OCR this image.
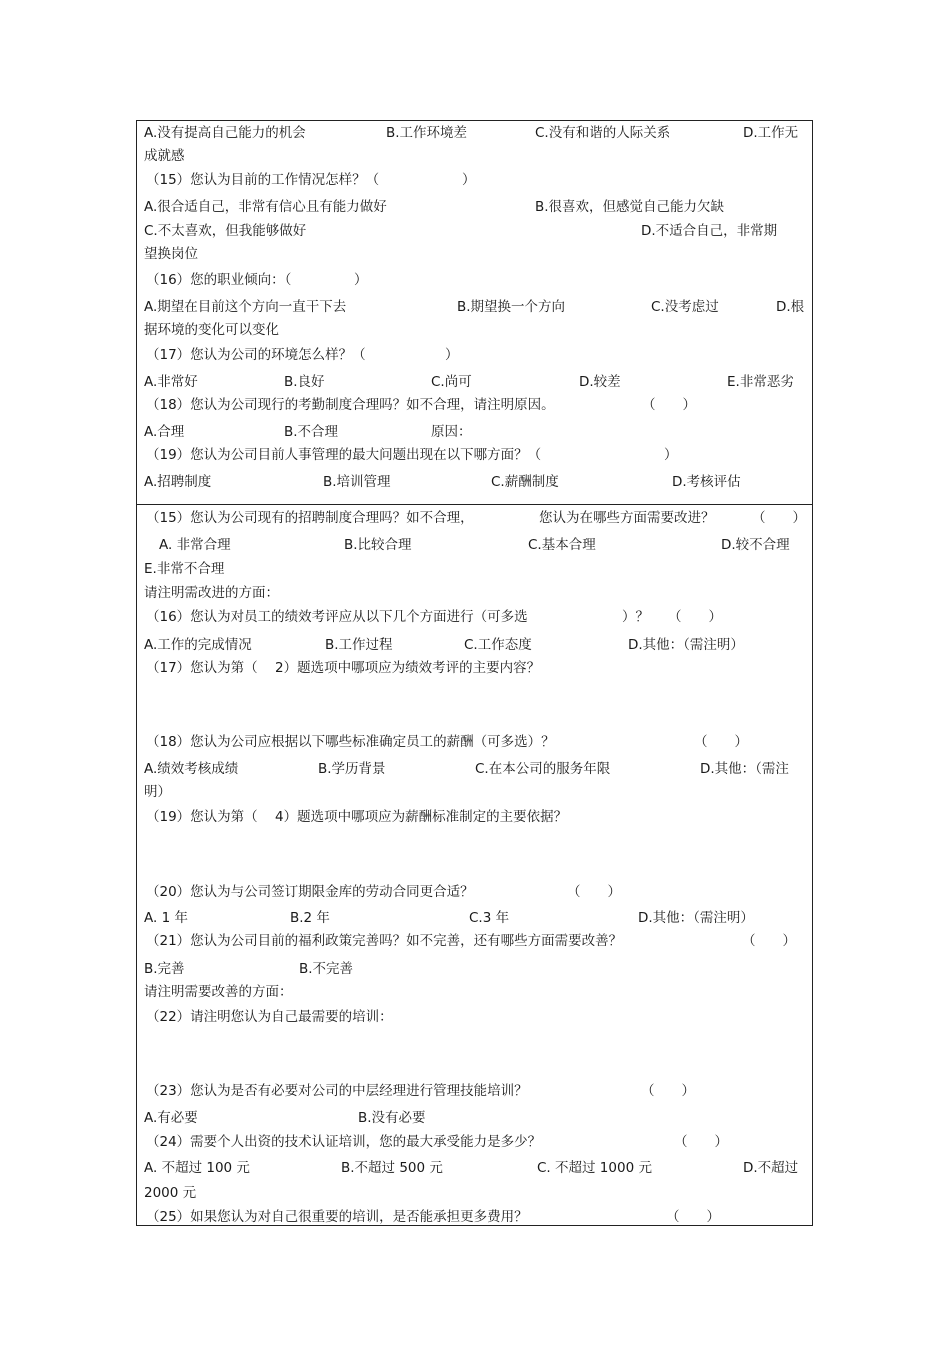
A.没有提高自己能力的机会	B.工作环境差	C.没有和谐的人际关系	D.工作无
成就感
（15）您认为目前的工作情况怎样？（	）
A.很合适自己，非常有信心且有能力做好	B.很喜欢，但感觉自己能力欠缺
C.不太喜欢，但我能够做好	D.不适合自己，非常期
望换岗位
（16）您的职业倾向：（	）
A.期望在目前这个方向一直干下去	B.期望换一个方向	C.没考虑过	D.根
据环境的变化可以变化
（17）您认为公司的环境怎么样？（	）
A.非常好	B.良好	C.尚可	D.较差	E.非常恶劣
（18）您认为公司现行的考勤制度合理吗？如不合理，请注明原因。	（　　）
A.合理	B.不合理	原因：
（19）您认为公司目前人事管理的最大问题出现在以下哪方面？（	）
A.招聘制度	B.培训管理	C.薪酬制度	D.考核评估
（15）您认为公司现有的招聘制度合理吗？如不合理，	您认为在哪些方面需要改进？	（　　）
A. 非常合理	B.比较合理	C.基本合理	D.较不合理
E.非常不合理
请注明需改进的方面：
（16）您认为对员工的绩效考评应从以下几个方面进行（可多选	）？ （　　）
A.工作的完成情况	B.工作过程	C.工作态度	D.其他：（需注明）
（17）您认为第（ 2）题选项中哪项应为绩效考评的主要内容？
（18）您认为公司应根据以下哪些标准确定员工的薪酬（可多选）？	（　　）
A.绩效考核成绩	B.学历背景	C.在本公司的服务年限	D.其他：（需注
明）
（19）您认为第（ 4）题选项中哪项应为薪酬标准制定的主要依据？
（20）您认为与公司签订期限金库的劳动合同更合适？	（　　）
A. 1 年	B.2 年	C.3 年	D.其他：（需注明）
（21）您认为公司目前的福利政策完善吗？如不完善，还有哪些方面需要改善？	（　　）
B.完善	B.不完善
请注明需要改善的方面：
（22）请注明您认为自己最需要的培训：
（23）您认为是否有必要对公司的中层经理进行管理技能培训？	（　　）
A.有必要	B.没有必要
（24）需要个人出资的技术认证培训，您的最大承受能力是多少？	（　　）
A. 不超过 100 元	B.不超过 500 元	C. 不超过 1000 元	D.不超过
2000 元
（25）如果您认为对自己很重要的培训，是否能承担更多费用？	（　　）
